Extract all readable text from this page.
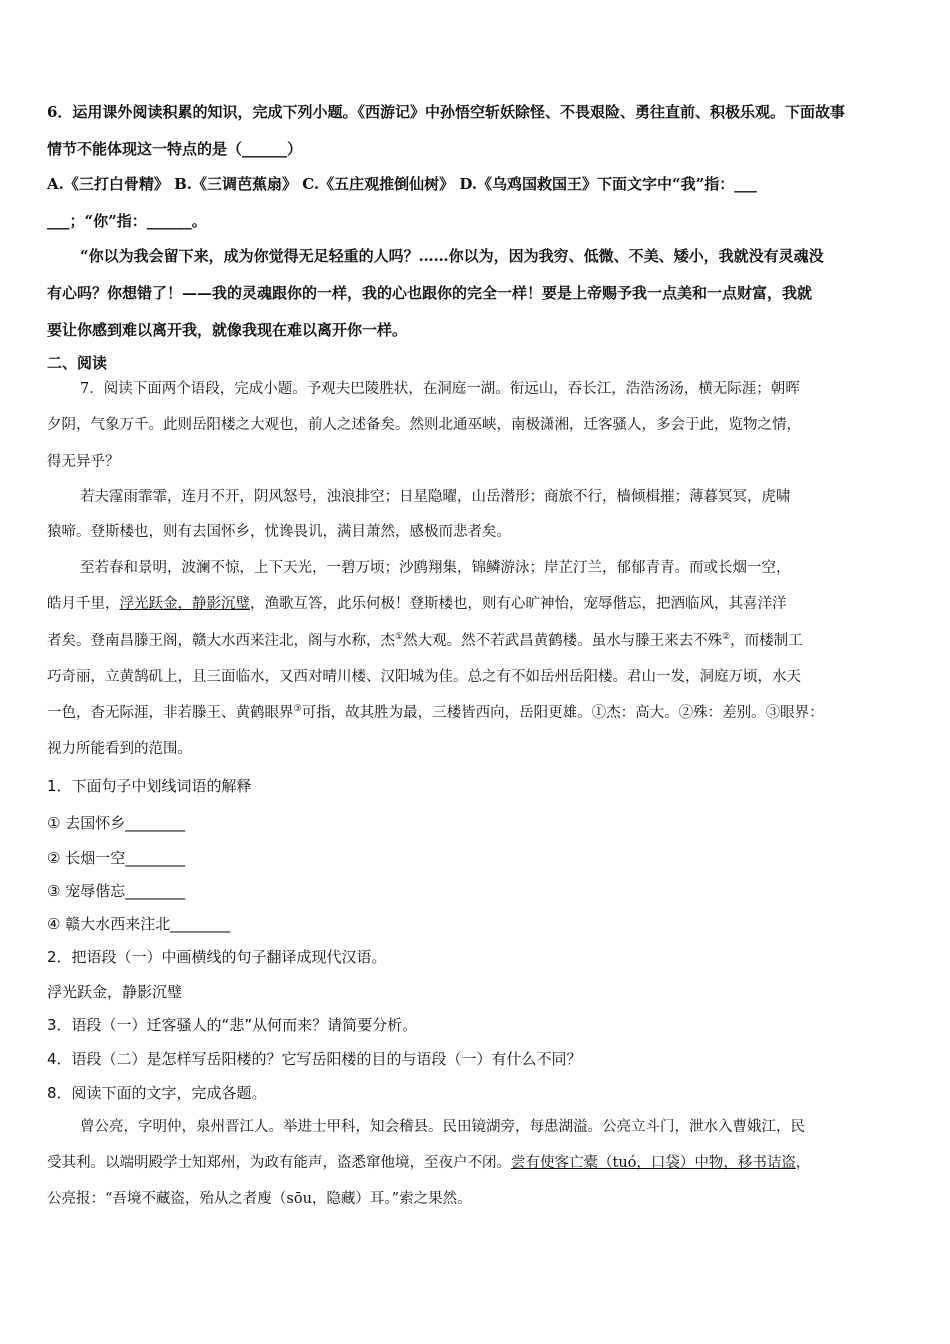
6．运用课外阅读积累的知识，完成下列小题。《西游记》中孙悟空斩妖除怪、不畏艰险、勇往直前、积极乐观。下面故事
情节不能体现这一特点的是（______）
A.《三打白骨精》 B.《三调芭蕉扇》 C.《五庄观推倒仙树》 D.《乌鸡国救国王》下面文字中“我”指：___
___；“你”指：______。
“你以为我会留下来，成为你觉得无足轻重的人吗？……你以为，因为我穷、低微、不美、矮小，我就没有灵魂没
有心吗？你想错了！——我的灵魂跟你的一样，我的心也跟你的完全一样！要是上帝赐予我一点美和一点财富，我就
要让你感到难以离开我，就像我现在难以离开你一样。
二、阅读
7．阅读下面两个语段，完成小题。予观夫巴陵胜状，在洞庭一湖。衔远山，吞长江，浩浩汤汤，横无际涯；朝晖
夕阴，气象万千。此则岳阳楼之大观也，前人之述备矣。然则北通巫峡，南极潇湘，迁客骚人，多会于此，览物之情，
得无异乎？
若夫霪雨霏霏，连月不开，阴风怒号，浊浪排空；日星隐曜，山岳潜形；商旅不行，樯倾楫摧；薄暮冥冥，虎啸
猿啼。登斯楼也，则有去国怀乡，忧谗畏讥，满目萧然，感极而悲者矣。
至若春和景明，波澜不惊，上下天光，一碧万顷；沙鸥翔集，锦鳞游泳；岸芷汀兰，郁郁青青。而或长烟一空，
皓月千里，浮光跃金，静影沉璧，渔歌互答，此乐何极！登斯楼也，则有心旷神怡，宠辱偕忘，把酒临风，其喜洋洋
者矣。登南昌滕王阁，赣大水西来注北，阁与水称，杰①然大观。然不若武昌黄鹤楼。虽水与滕王来去不殊②，而楼制工
巧奇丽，立黄鹄矶上，且三面临水，又西对晴川楼、汉阳城为佳。总之有不如岳州岳阳楼。君山一发，洞庭万顷，水天
一色，杳无际涯，非若滕王、黄鹤眼界③可指，故其胜为最，三楼皆西向，岳阳更雄。①杰：高大。②殊：差别。③眼界：
视力所能看到的范围。
1．下面句子中划线词语的解释
① 去国怀乡________
② 长烟一空________
③ 宠辱偕忘________
④ 赣大水西来注北________
2．把语段（一）中画横线的句子翻译成现代汉语。
浮光跃金，静影沉璧
3．语段（一）迁客骚人的“悲”从何而来？请简要分析。
4．语段（二）是怎样写岳阳楼的？它写岳阳楼的目的与语段（一）有什么不同？
8．阅读下面的文字，完成各题。
曾公亮，字明仲，泉州晋江人。举进士甲科，知会稽县。民田镜湖旁，每患湖溢。公亮立斗门，泄水入曹娥江，民
受其利。以端明殿学士知郑州，为政有能声，盗悉窜他境，至夜户不闭。尝有使客亡橐（tuó，口袋）中物，移书诘盗，
公亮报：“吾境不藏盗，殆从之者廋（sōu，隐藏）耳。”索之果然。
